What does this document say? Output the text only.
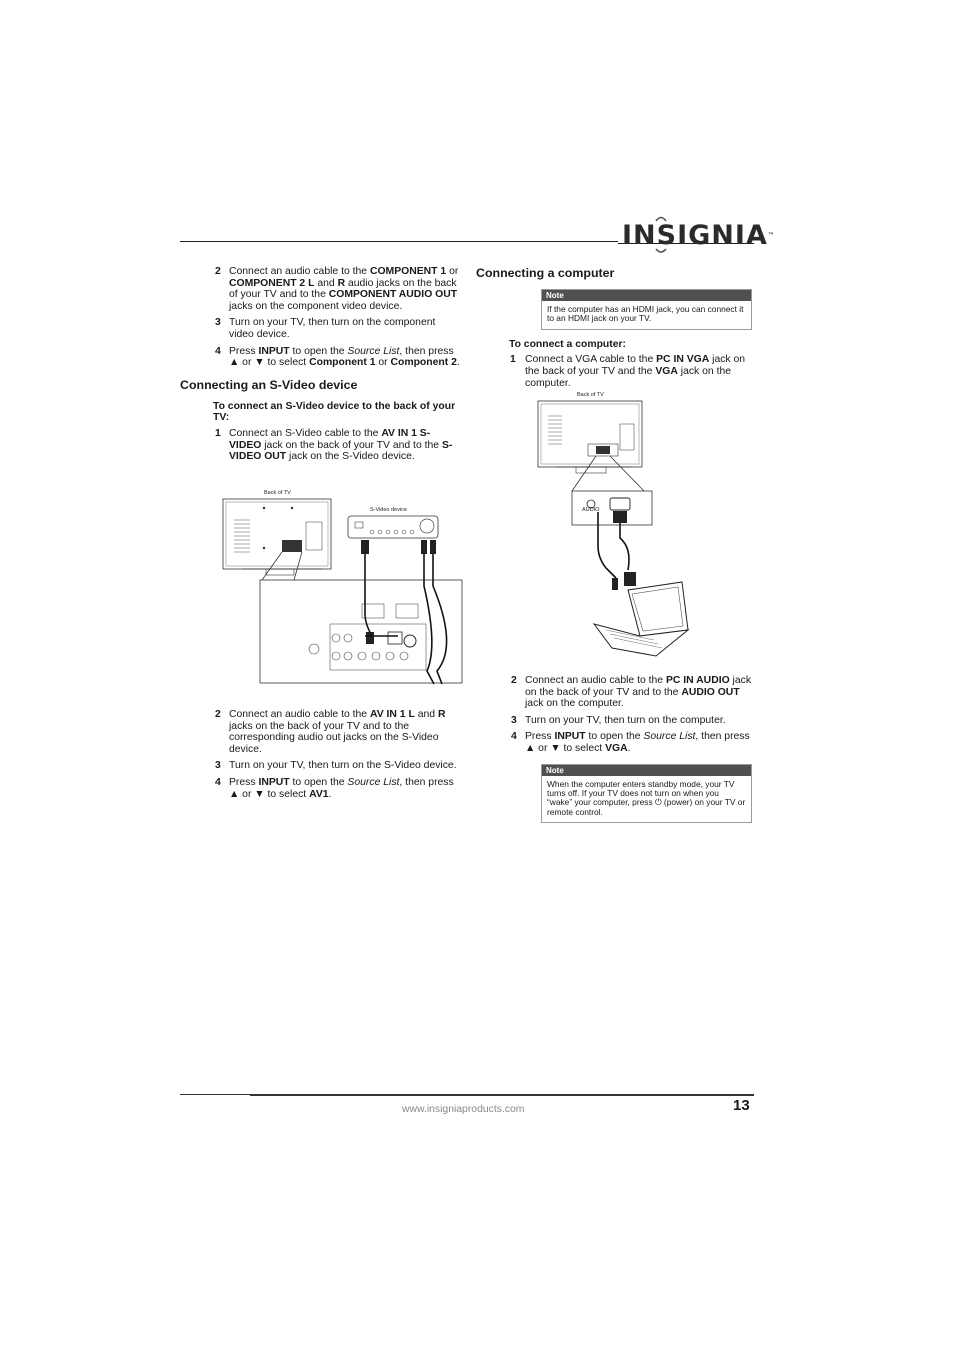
INSIGNIA™
2 Connect an audio cable to the COMPONENT 1 or COMPONENT 2 L and R audio jacks on the back of your TV and to the COMPONENT AUDIO OUT jacks on the component video device.
3 Turn on your TV, then turn on the component video device.
4 Press INPUT to open the Source List, then press ▲ or ▼ to select Component 1 or Component 2.
Connecting an S-Video device
To connect an S-Video device to the back of your TV:
1 Connect an S-Video cable to the AV IN 1 S-VIDEO jack on the back of your TV and to the S-VIDEO OUT jack on the S-Video device.
Back of TV
S-Video device
2 Connect an audio cable to the AV IN 1 L and R jacks on the back of your TV and to the corresponding audio out jacks on the S-Video device.
3 Turn on your TV, then turn on the S-Video device.
4 Press INPUT to open the Source List, then press ▲ or ▼ to select AV1.
Connecting a computer
Note
If the computer has an HDMI jack, you can connect it to an HDMI jack on your TV.
To connect a computer:
1 Connect a VGA cable to the PC IN VGA jack on the back of your TV and the VGA jack on the computer.
Back of TV
AUDIO
2 Connect an audio cable to the PC IN AUDIO jack on the back of your TV and to the AUDIO OUT jack on the computer.
3 Turn on your TV, then turn on the computer.
4 Press INPUT to open the Source List, then press ▲ or ▼ to select VGA.
Note
When the computer enters standby mode, your TV turns off. If your TV does not turn on when you “wake” your computer, press ⏻ (power) on your TV or remote control.
www.insigniaproducts.com	13
